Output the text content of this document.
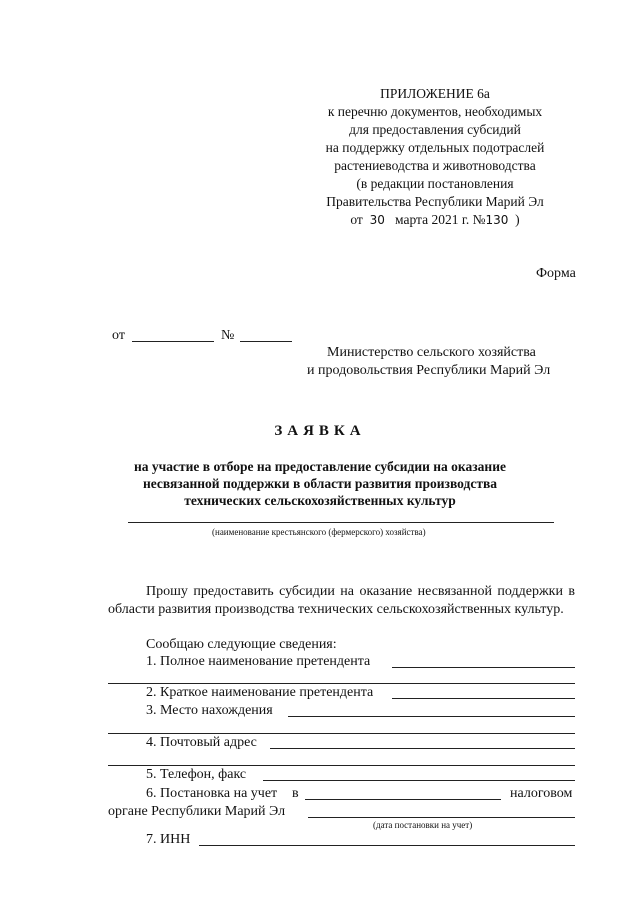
ПРИЛОЖЕНИЕ 6а
к перечню документов, необходимых
для предоставления субсидий
на поддержку отдельных подотраслей
растениеводства и животноводства
(в редакции постановления
Правительства Республики Марий Эл
от 30 марта 2021 г. №130 )
Форма
от	№
Министерство сельского хозяйства
и продовольствия Республики Марий Эл
ЗАЯВКА
на участие в отборе на предоставление субсидии на оказание
несвязанной поддержки в области развития производства
технических сельскохозяйственных культур
(наименование крестьянского (фермерского) хозяйства)
Прошу предоставить субсидии на оказание несвязанной поддержки в области развития производства технических сельскохозяйственных культур.
Сообщаю следующие сведения:
1. Полное наименование претендента
2. Краткое наименование претендента
3. Место нахождения
4. Почтовый адрес
5. Телефон, факс
6. Постановка на учет в	налоговом
органе Республики Марий Эл
(дата постановки на учет)
7. ИНН
